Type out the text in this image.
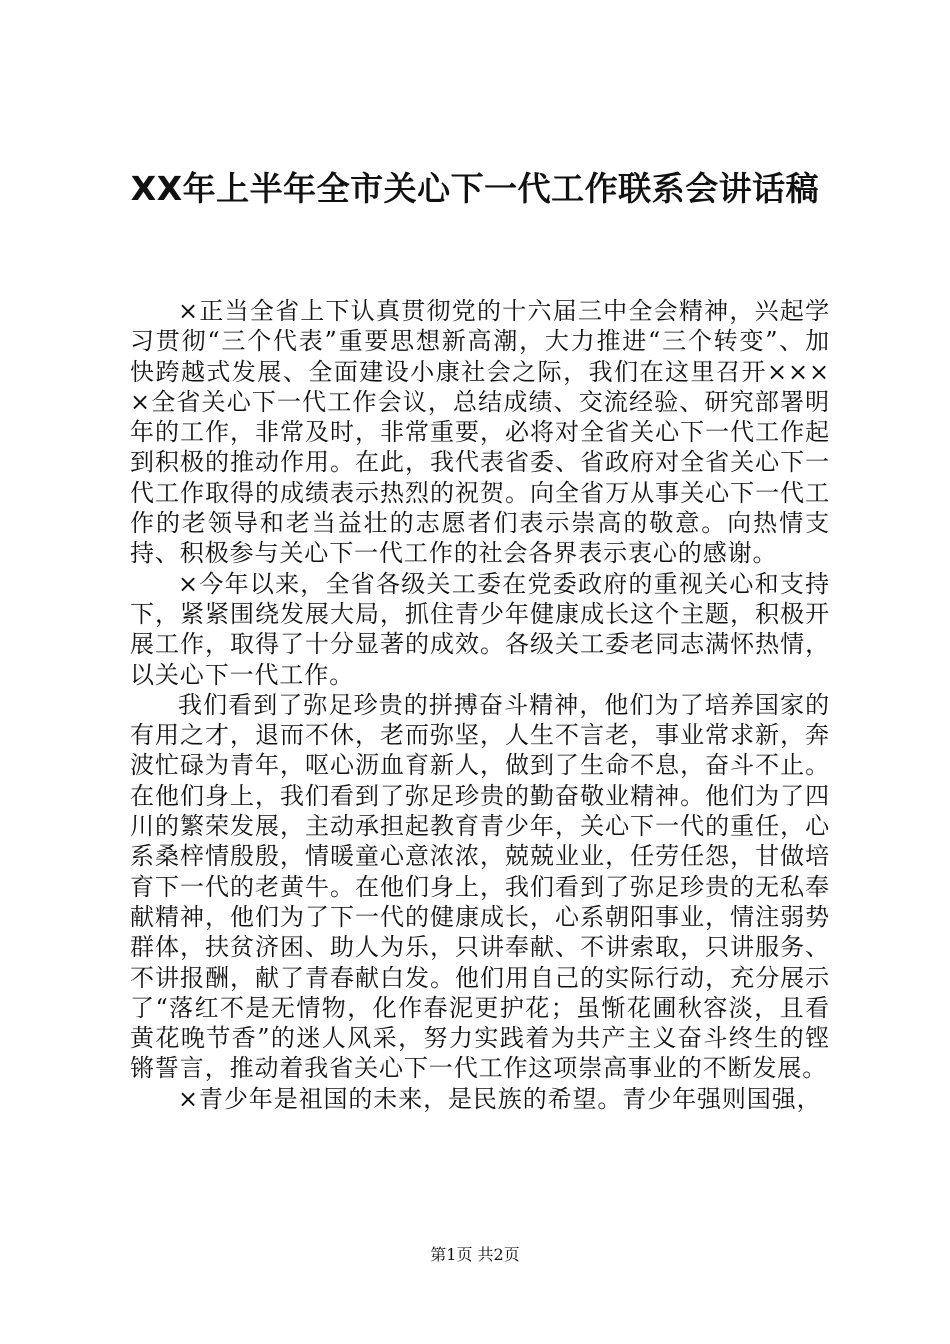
XX年上半年全市关心下一代工作联系会讲话稿

×正当全省上下认真贯彻党的十六届三中全会精神，兴起学习贯彻“三个代表”重要思想新高潮，大力推进“三个转变”、加快跨越式发展、全面建设小康社会之际，我们在这里召开××××全省关心下一代工作会议，总结成绩、交流经验、研究部署明年的工作，非常及时，非常重要，必将对全省关心下一代工作起到积极的推动作用。在此，我代表省委、省政府对全省关心下一代工作取得的成绩表示热烈的祝贺。向全省万从事关心下一代工作的老领导和老当益壮的志愿者们表示崇高的敬意。向热情支持、积极参与关心下一代工作的社会各界表示衷心的感谢。

×今年以来，全省各级关工委在党委政府的重视关心和支持下，紧紧围绕发展大局，抓住青少年健康成长这个主题，积极开展工作，取得了十分显著的成效。各级关工委老同志满怀热情，以关心下一代工作。

我们看到了弥足珍贵的拼搏奋斗精神，他们为了培养国家的有用之才，退而不休，老而弥坚，人生不言老，事业常求新，奔波忙碌为青年，呕心沥血育新人，做到了生命不息，奋斗不止。在他们身上，我们看到了弥足珍贵的勤奋敬业精神。他们为了四川的繁荣发展，主动承担起教育青少年，关心下一代的重任，心系桑梓情殷殷，情暖童心意浓浓，兢兢业业，任劳任怨，甘做培育下一代的老黄牛。在他们身上，我们看到了弥足珍贵的无私奉献精神，他们为了下一代的健康成长，心系朝阳事业，情注弱势群体，扶贫济困、助人为乐，只讲奉献、不讲索取，只讲服务、不讲报酬，献了青春献白发。他们用自己的实际行动，充分展示了“落红不是无情物，化作春泥更护花；虽惭花圃秋容淡，且看黄花晚节香”的迷人风采，努力实践着为共产主义奋斗终生的铿锵誓言，推动着我省关心下一代工作这项崇高事业的不断发展。

×青少年是祖国的未来，是民族的希望。青少年强则国强，

第1页 共2页
